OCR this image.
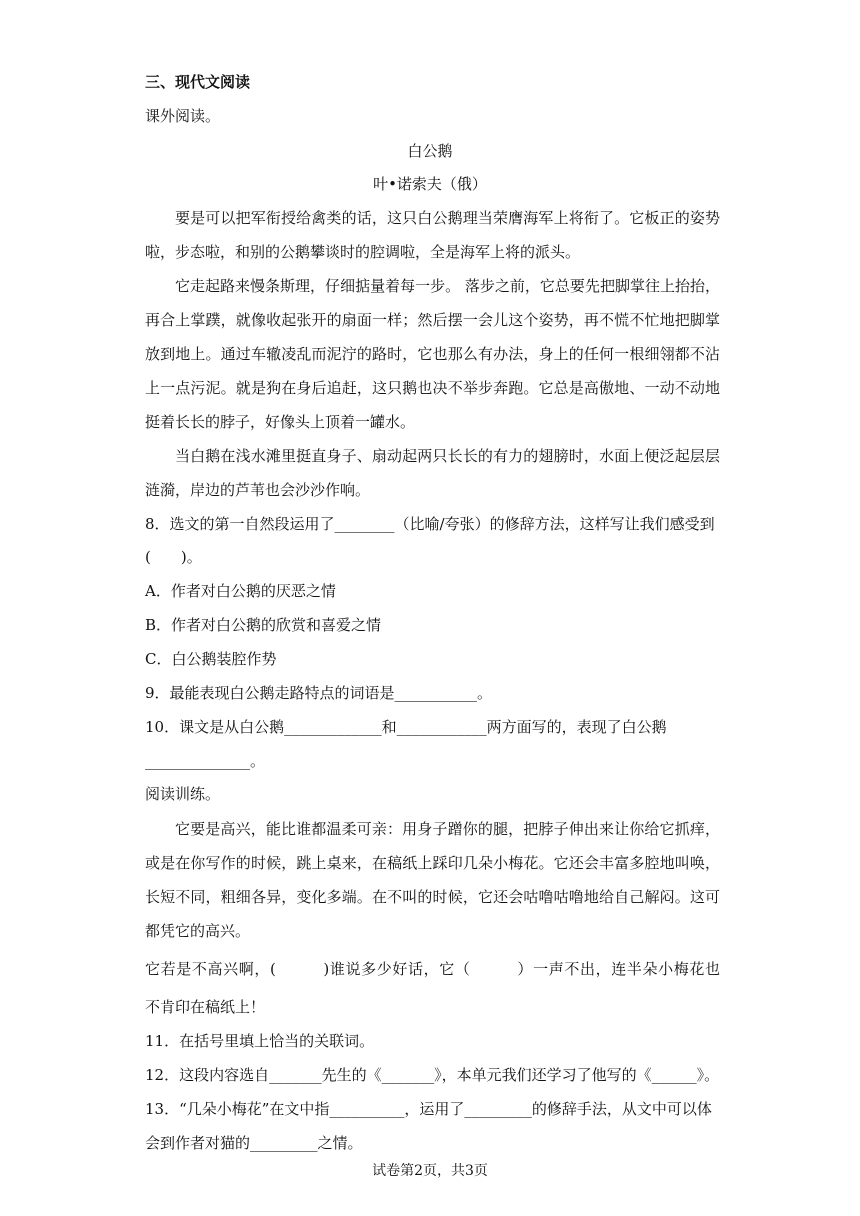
三、现代文阅读
课外阅读。
白公鹅
叶•诺索夫（俄）
要是可以把军衔授给禽类的话，这只白公鹅理当荣膺海军上将衔了。它板正的姿势
啦，步态啦，和别的公鹅攀谈时的腔调啦，全是海军上将的派头。
它走起路来慢条斯理，仔细掂量着每一步。 落步之前，它总要先把脚掌往上抬抬，
再合上掌蹼，就像收起张开的扇面一样；然后摆一会儿这个姿势，再不慌不忙地把脚掌
放到地上。通过车辙凌乱而泥泞的路时，它也那么有办法，身上的任何一根细翎都不沾
上一点污泥。就是狗在身后追赶，这只鹅也决不举步奔跑。它总是高傲地、一动不动地
挺着长长的脖子，好像头上顶着一罐水。
当白鹅在浅水滩里挺直身子、扇动起两只长长的有力的翅膀时，水面上便泛起层层
涟漪，岸边的芦苇也会沙沙作响。
8．选文的第一自然段运用了________（比喻/夸张）的修辞方法，这样写让我们感受到
(　　)。
A．作者对白公鹅的厌恶之情
B．作者对白公鹅的欣赏和喜爱之情
C．白公鹅装腔作势
9．最能表现白公鹅走路特点的词语是___________。
10．课文是从白公鹅_____________和____________两方面写的，表现了白公鹅
______________。
阅读训练。
它要是高兴，能比谁都温柔可亲：用身子蹭你的腿，把脖子伸出来让你给它抓痒，
或是在你写作的时候，跳上桌来，在稿纸上踩印几朵小梅花。它还会丰富多腔地叫唤，
长短不同，粗细各异，变化多端。在不叫的时候，它还会咕噜咕噜地给自己解闷。这可
都凭它的高兴。
它若是不高兴啊，(　　　)谁说多少好话，它（　　　）一声不出，连半朵小梅花也
不肯印在稿纸上！
11．在括号里填上恰当的关联词。
12．这段内容选自_______先生的《_______》，本单元我们还学习了他写的《______》。
13．“几朵小梅花”在文中指__________，运用了_________的修辞手法，从文中可以体
会到作者对猫的_________之情。
试卷第2页，共3页
